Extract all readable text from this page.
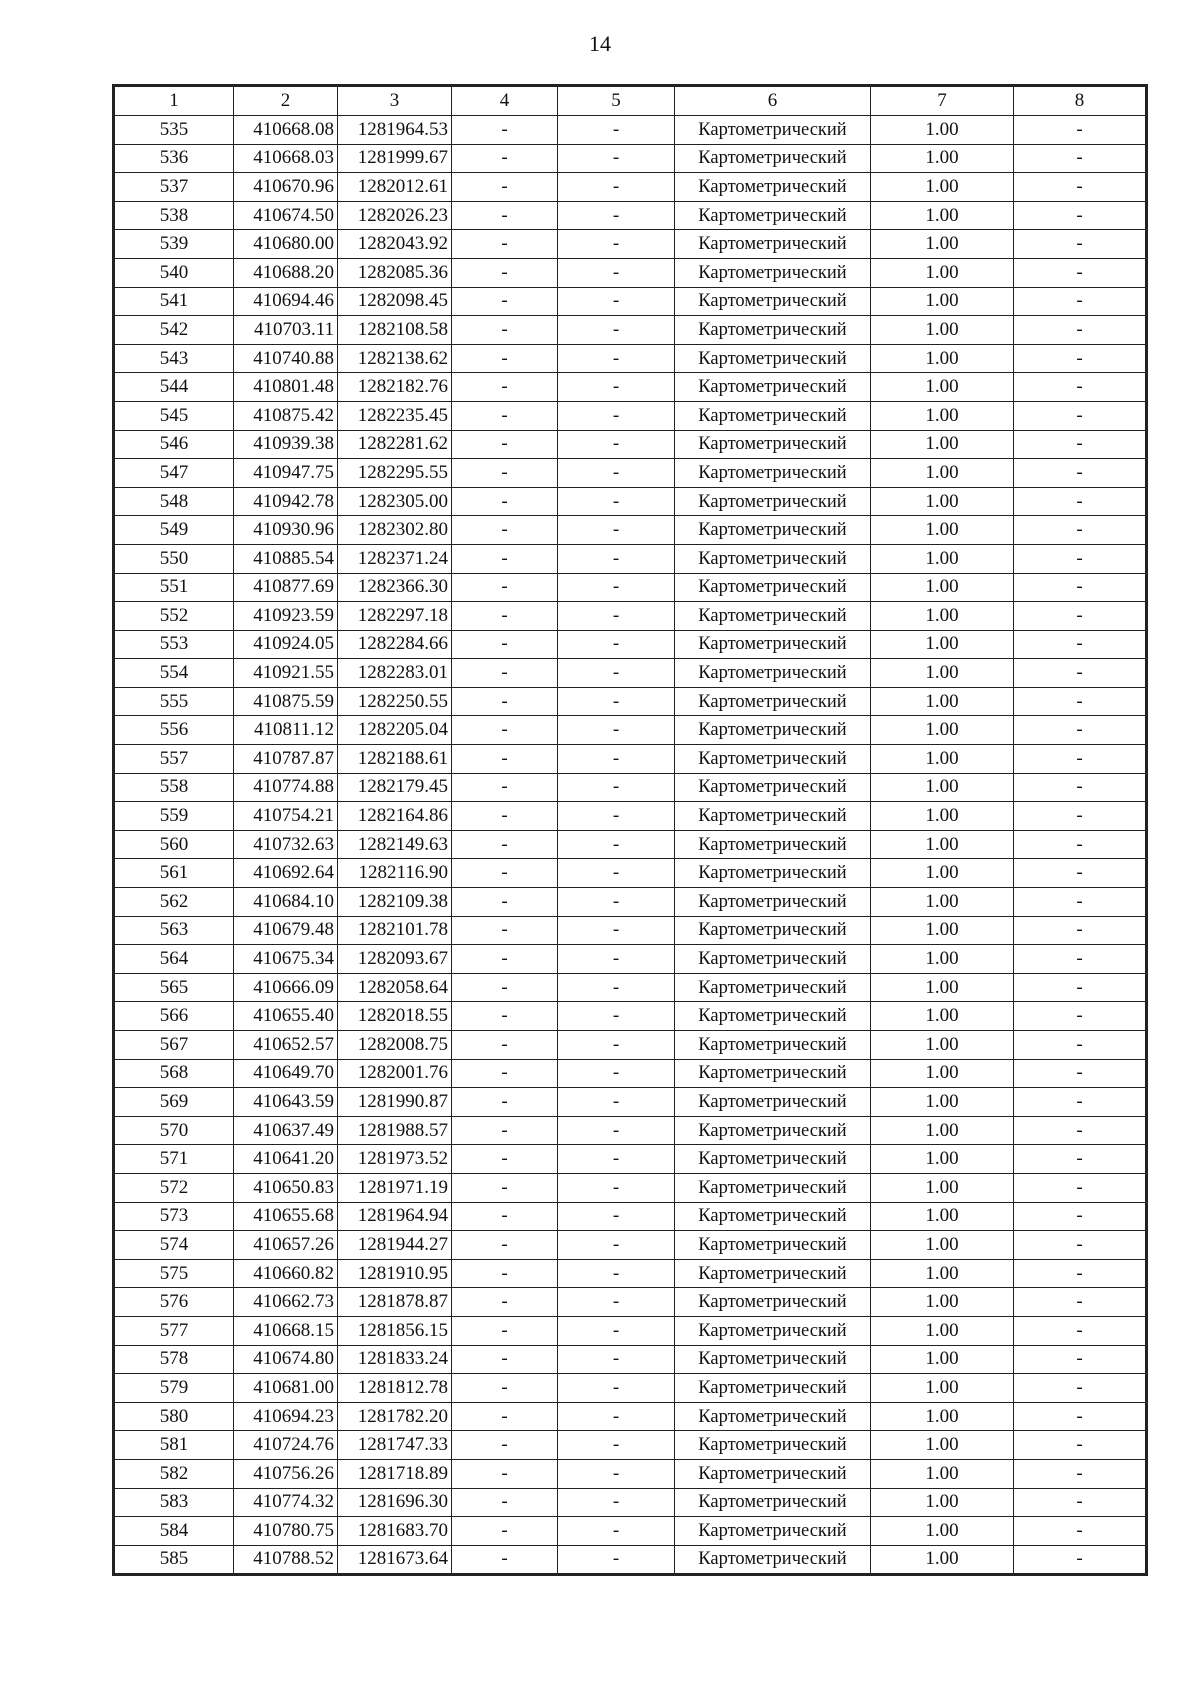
14
1	2	3	4	5	6	7	8
535	410668.08	1281964.53	-	-	Картометрический	1.00	-
536	410668.03	1281999.67	-	-	Картометрический	1.00	-
537	410670.96	1282012.61	-	-	Картометрический	1.00	-
538	410674.50	1282026.23	-	-	Картометрический	1.00	-
539	410680.00	1282043.92	-	-	Картометрический	1.00	-
540	410688.20	1282085.36	-	-	Картометрический	1.00	-
541	410694.46	1282098.45	-	-	Картометрический	1.00	-
542	410703.11	1282108.58	-	-	Картометрический	1.00	-
543	410740.88	1282138.62	-	-	Картометрический	1.00	-
544	410801.48	1282182.76	-	-	Картометрический	1.00	-
545	410875.42	1282235.45	-	-	Картометрический	1.00	-
546	410939.38	1282281.62	-	-	Картометрический	1.00	-
547	410947.75	1282295.55	-	-	Картометрический	1.00	-
548	410942.78	1282305.00	-	-	Картометрический	1.00	-
549	410930.96	1282302.80	-	-	Картометрический	1.00	-
550	410885.54	1282371.24	-	-	Картометрический	1.00	-
551	410877.69	1282366.30	-	-	Картометрический	1.00	-
552	410923.59	1282297.18	-	-	Картометрический	1.00	-
553	410924.05	1282284.66	-	-	Картометрический	1.00	-
554	410921.55	1282283.01	-	-	Картометрический	1.00	-
555	410875.59	1282250.55	-	-	Картометрический	1.00	-
556	410811.12	1282205.04	-	-	Картометрический	1.00	-
557	410787.87	1282188.61	-	-	Картометрический	1.00	-
558	410774.88	1282179.45	-	-	Картометрический	1.00	-
559	410754.21	1282164.86	-	-	Картометрический	1.00	-
560	410732.63	1282149.63	-	-	Картометрический	1.00	-
561	410692.64	1282116.90	-	-	Картометрический	1.00	-
562	410684.10	1282109.38	-	-	Картометрический	1.00	-
563	410679.48	1282101.78	-	-	Картометрический	1.00	-
564	410675.34	1282093.67	-	-	Картометрический	1.00	-
565	410666.09	1282058.64	-	-	Картометрический	1.00	-
566	410655.40	1282018.55	-	-	Картометрический	1.00	-
567	410652.57	1282008.75	-	-	Картометрический	1.00	-
568	410649.70	1282001.76	-	-	Картометрический	1.00	-
569	410643.59	1281990.87	-	-	Картометрический	1.00	-
570	410637.49	1281988.57	-	-	Картометрический	1.00	-
571	410641.20	1281973.52	-	-	Картометрический	1.00	-
572	410650.83	1281971.19	-	-	Картометрический	1.00	-
573	410655.68	1281964.94	-	-	Картометрический	1.00	-
574	410657.26	1281944.27	-	-	Картометрический	1.00	-
575	410660.82	1281910.95	-	-	Картометрический	1.00	-
576	410662.73	1281878.87	-	-	Картометрический	1.00	-
577	410668.15	1281856.15	-	-	Картометрический	1.00	-
578	410674.80	1281833.24	-	-	Картометрический	1.00	-
579	410681.00	1281812.78	-	-	Картометрический	1.00	-
580	410694.23	1281782.20	-	-	Картометрический	1.00	-
581	410724.76	1281747.33	-	-	Картометрический	1.00	-
582	410756.26	1281718.89	-	-	Картометрический	1.00	-
583	410774.32	1281696.30	-	-	Картометрический	1.00	-
584	410780.75	1281683.70	-	-	Картометрический	1.00	-
585	410788.52	1281673.64	-	-	Картометрический	1.00	-
